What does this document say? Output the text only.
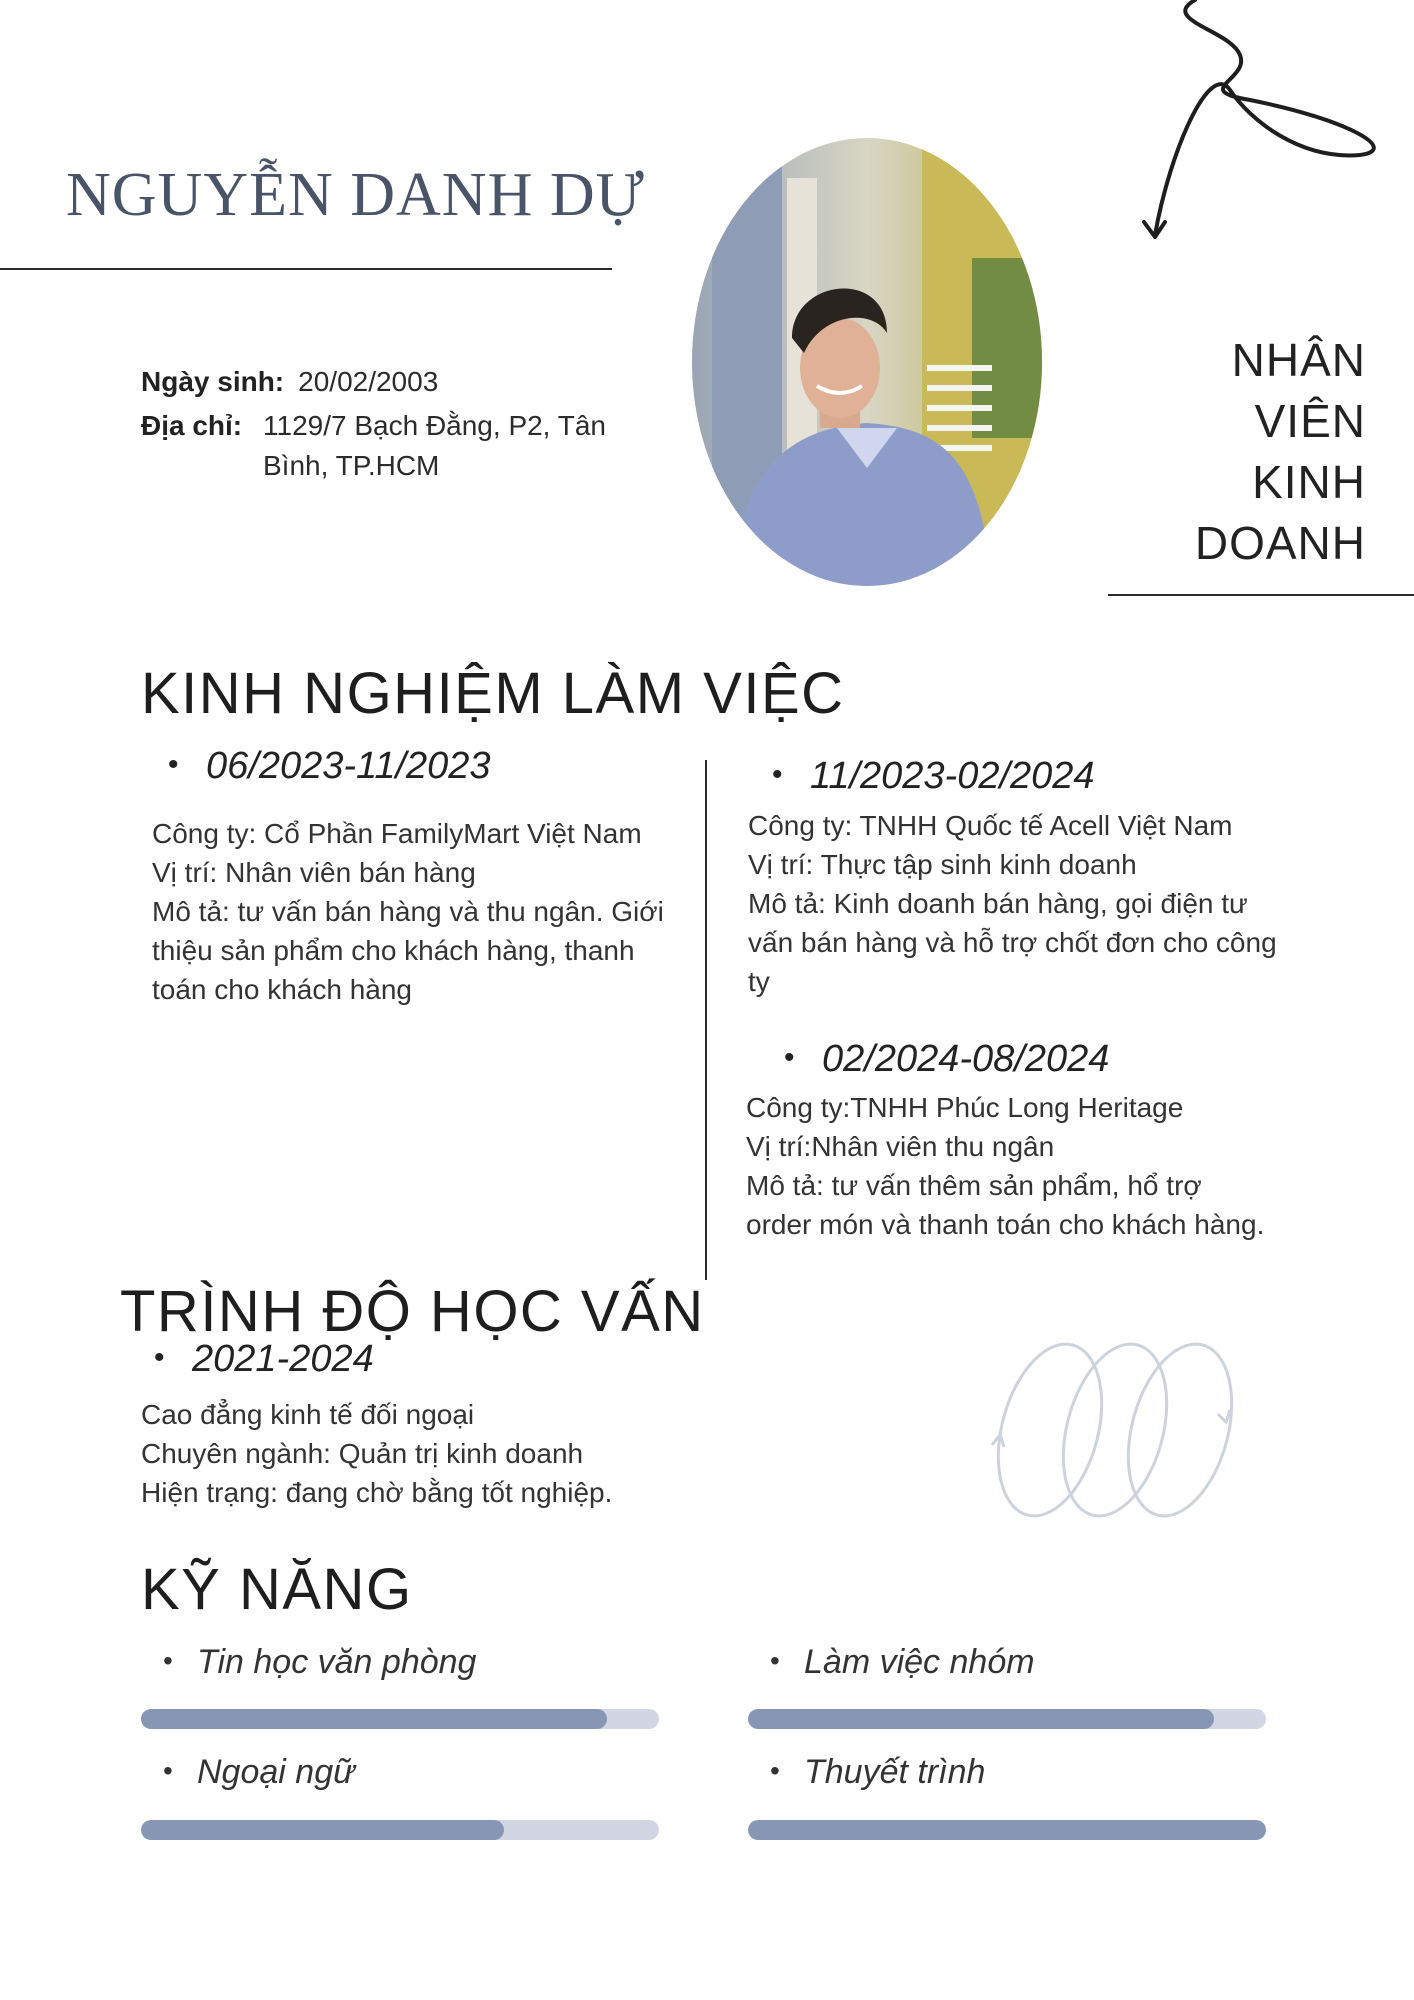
NGUYỄN DANH DỰ
Ngày sinh: 20/02/2003
Địa chỉ: 1129/7 Bạch Đằng, P2, Tân Bình, TP.HCM
NHÂN
VIÊN
KINH
DOANH
KINH NGHIỆM LÀM VIỆC
• 06/2023-11/2023
Công ty: Cổ Phần FamilyMart Việt Nam
Vị trí: Nhân viên bán hàng
Mô tả: tư vấn bán hàng và thu ngân. Giới thiệu sản phẩm cho khách hàng, thanh toán cho khách hàng
• 11/2023-02/2024
Công ty: TNHH Quốc tế Acell Việt Nam
Vị trí: Thực tập sinh kinh doanh
Mô tả: Kinh doanh bán hàng, gọi điện tư vấn bán hàng và hỗ trợ chốt đơn cho công ty
• 02/2024-08/2024
Công ty:TNHH Phúc Long Heritage
Vị trí:Nhân viên thu ngân
Mô tả: tư vấn thêm sản phẩm, hổ trợ order món và thanh toán cho khách hàng.
TRÌNH ĐỘ HỌC VẤN
• 2021-2024
Cao đẳng kinh tế đối ngoại
Chuyên ngành: Quản trị kinh doanh
Hiện trạng: đang chờ bằng tốt nghiệp.
KỸ NĂNG
• Tin học văn phòng	• Làm việc nhóm
• Ngoại ngữ	• Thuyết trình
